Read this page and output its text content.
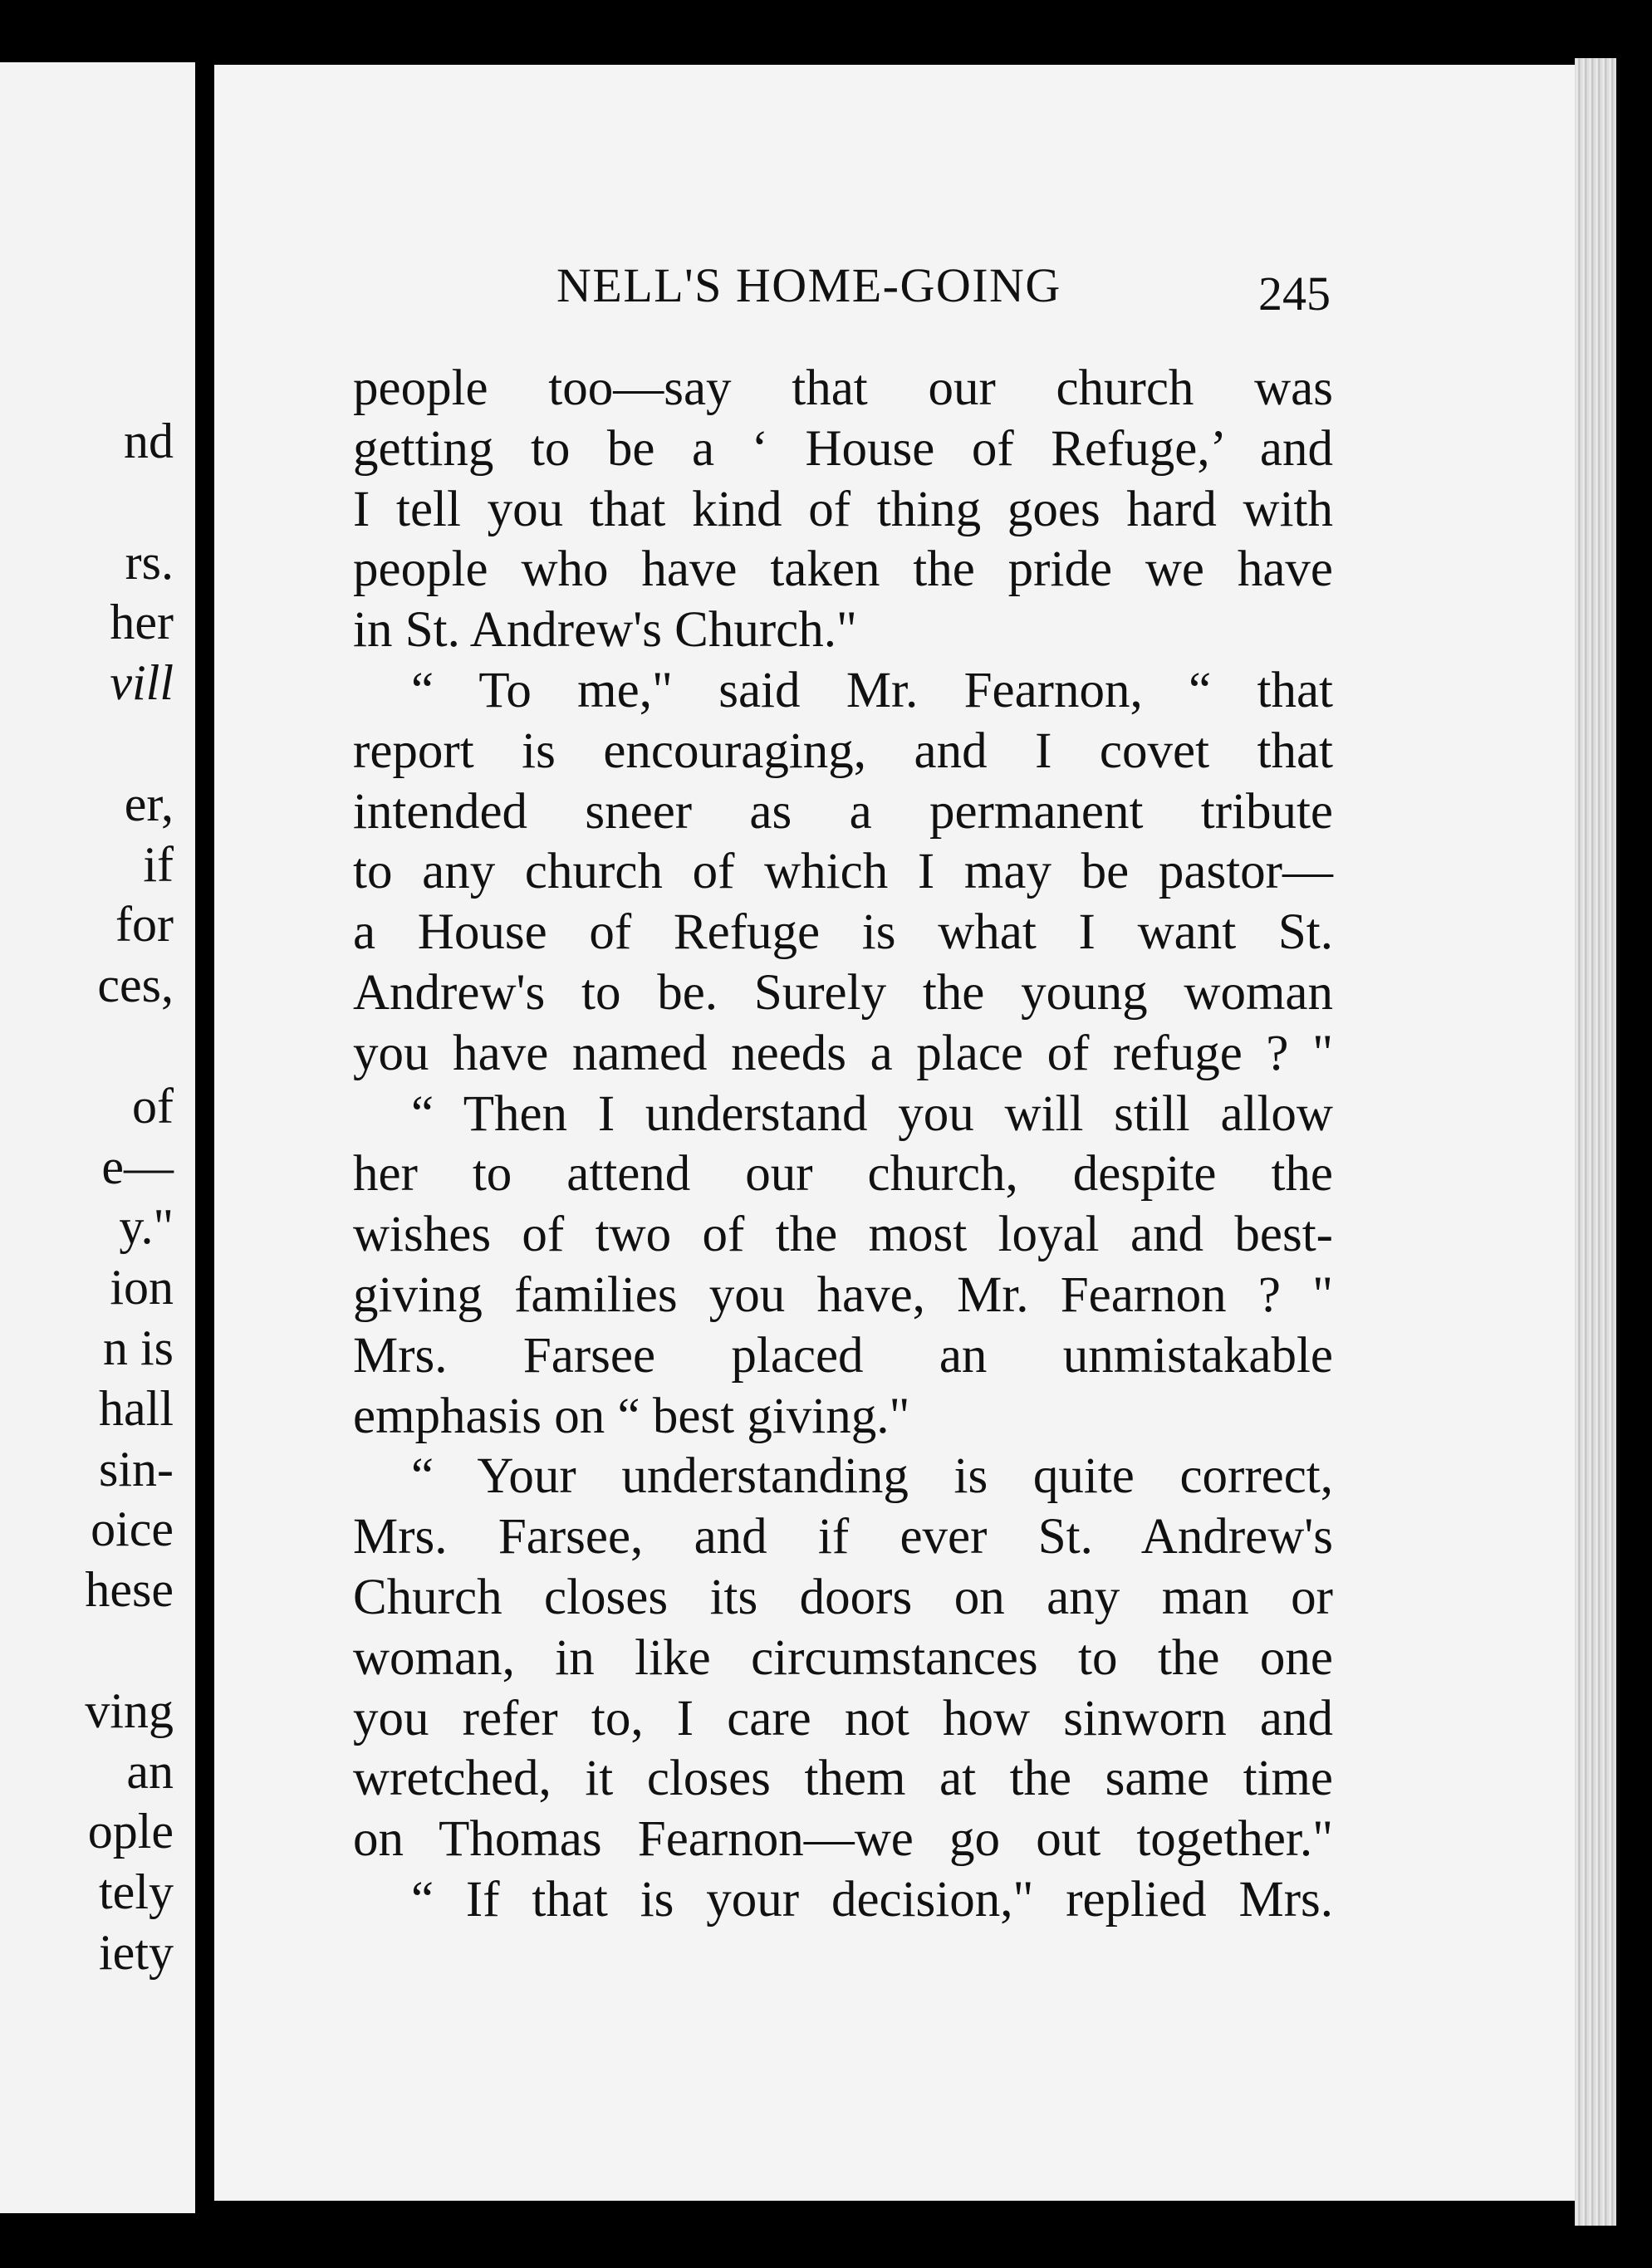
nd
rs.
her
vill
er,
if
for
ces,
of
e—
y."
ion
n is
hall
sin-
oice
hese
ving
an
ople
tely
iety
NELL'S HOME-GOING	245
people too—say that our church was
getting to be a ‘ House of Refuge,’ and
I tell you that kind of thing goes hard with
people who have taken the pride we have
in St. Andrew's Church."
“ To me," said Mr. Fearnon, “ that
report is encouraging, and I covet that
intended sneer as a permanent tribute
to any church of which I may be pastor—
a House of Refuge is what I want St.
Andrew's to be. Surely the young woman
you have named needs a place of refuge ? "
“ Then I understand you will still allow
her to attend our church, despite the
wishes of two of the most loyal and best-
giving families you have, Mr. Fearnon ? "
Mrs. Farsee placed an unmistakable
emphasis on “ best giving."
“ Your understanding is quite correct,
Mrs. Farsee, and if ever St. Andrew's
Church closes its doors on any man or
woman, in like circumstances to the one
you refer to, I care not how sinworn and
wretched, it closes them at the same time
on Thomas Fearnon—we go out together."
“ If that is your decision," replied Mrs.
